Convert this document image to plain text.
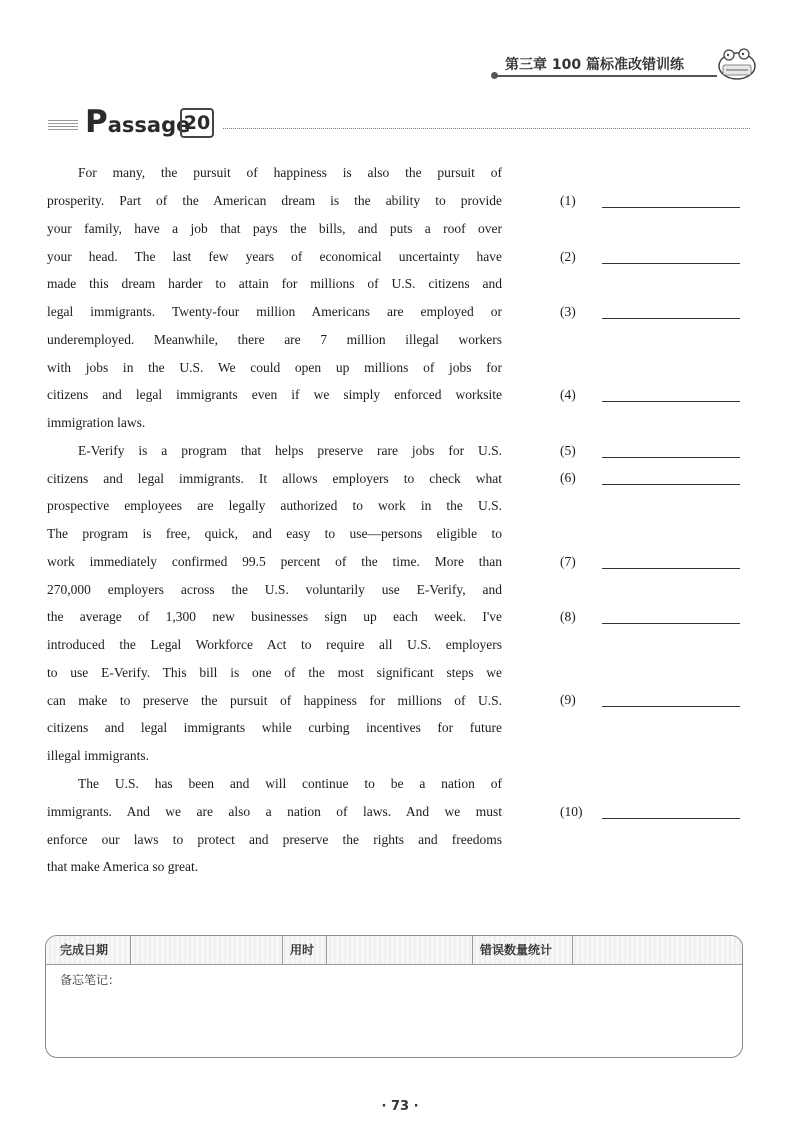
第三章 100 篇标准改错训练
Passage
20
For many, the pursuit of happiness is also the pursuit of
prosperity. Part of the American dream is the ability to provide
your family, have a job that pays the bills, and puts a roof over
your head. The last few years of economical uncertainty have
made this dream harder to attain for millions of U.S. citizens and
legal immigrants. Twenty-four million Americans are employed or
underemployed. Meanwhile, there are 7 million illegal workers
with jobs in the U.S. We could open up millions of jobs for
citizens and legal immigrants even if we simply enforced worksite
immigration laws.
E-Verify is a program that helps preserve rare jobs for U.S.
citizens and legal immigrants. It allows employers to check what
prospective employees are legally authorized to work in the U.S.
The program is free, quick, and easy to use—persons eligible to
work immediately confirmed 99.5 percent of the time. More than
270,000 employers across the U.S. voluntarily use E-Verify, and
the average of 1,300 new businesses sign up each week. I've
introduced the Legal Workforce Act to require all U.S. employers
to use E-Verify. This bill is one of the most significant steps we
can make to preserve the pursuit of happiness for millions of U.S.
citizens and legal immigrants while curbing incentives for future
illegal immigrants.
The U.S. has been and will continue to be a nation of
immigrants. And we are also a nation of laws. And we must
enforce our laws to protect and preserve the rights and freedoms
that make America so great.
(1)
(2)
(3)
(4)
(5)
(6)
(7)
(8)
(9)
(10)
完成日期	用时	错误数量统计
备忘笔记：
· 73 ·
